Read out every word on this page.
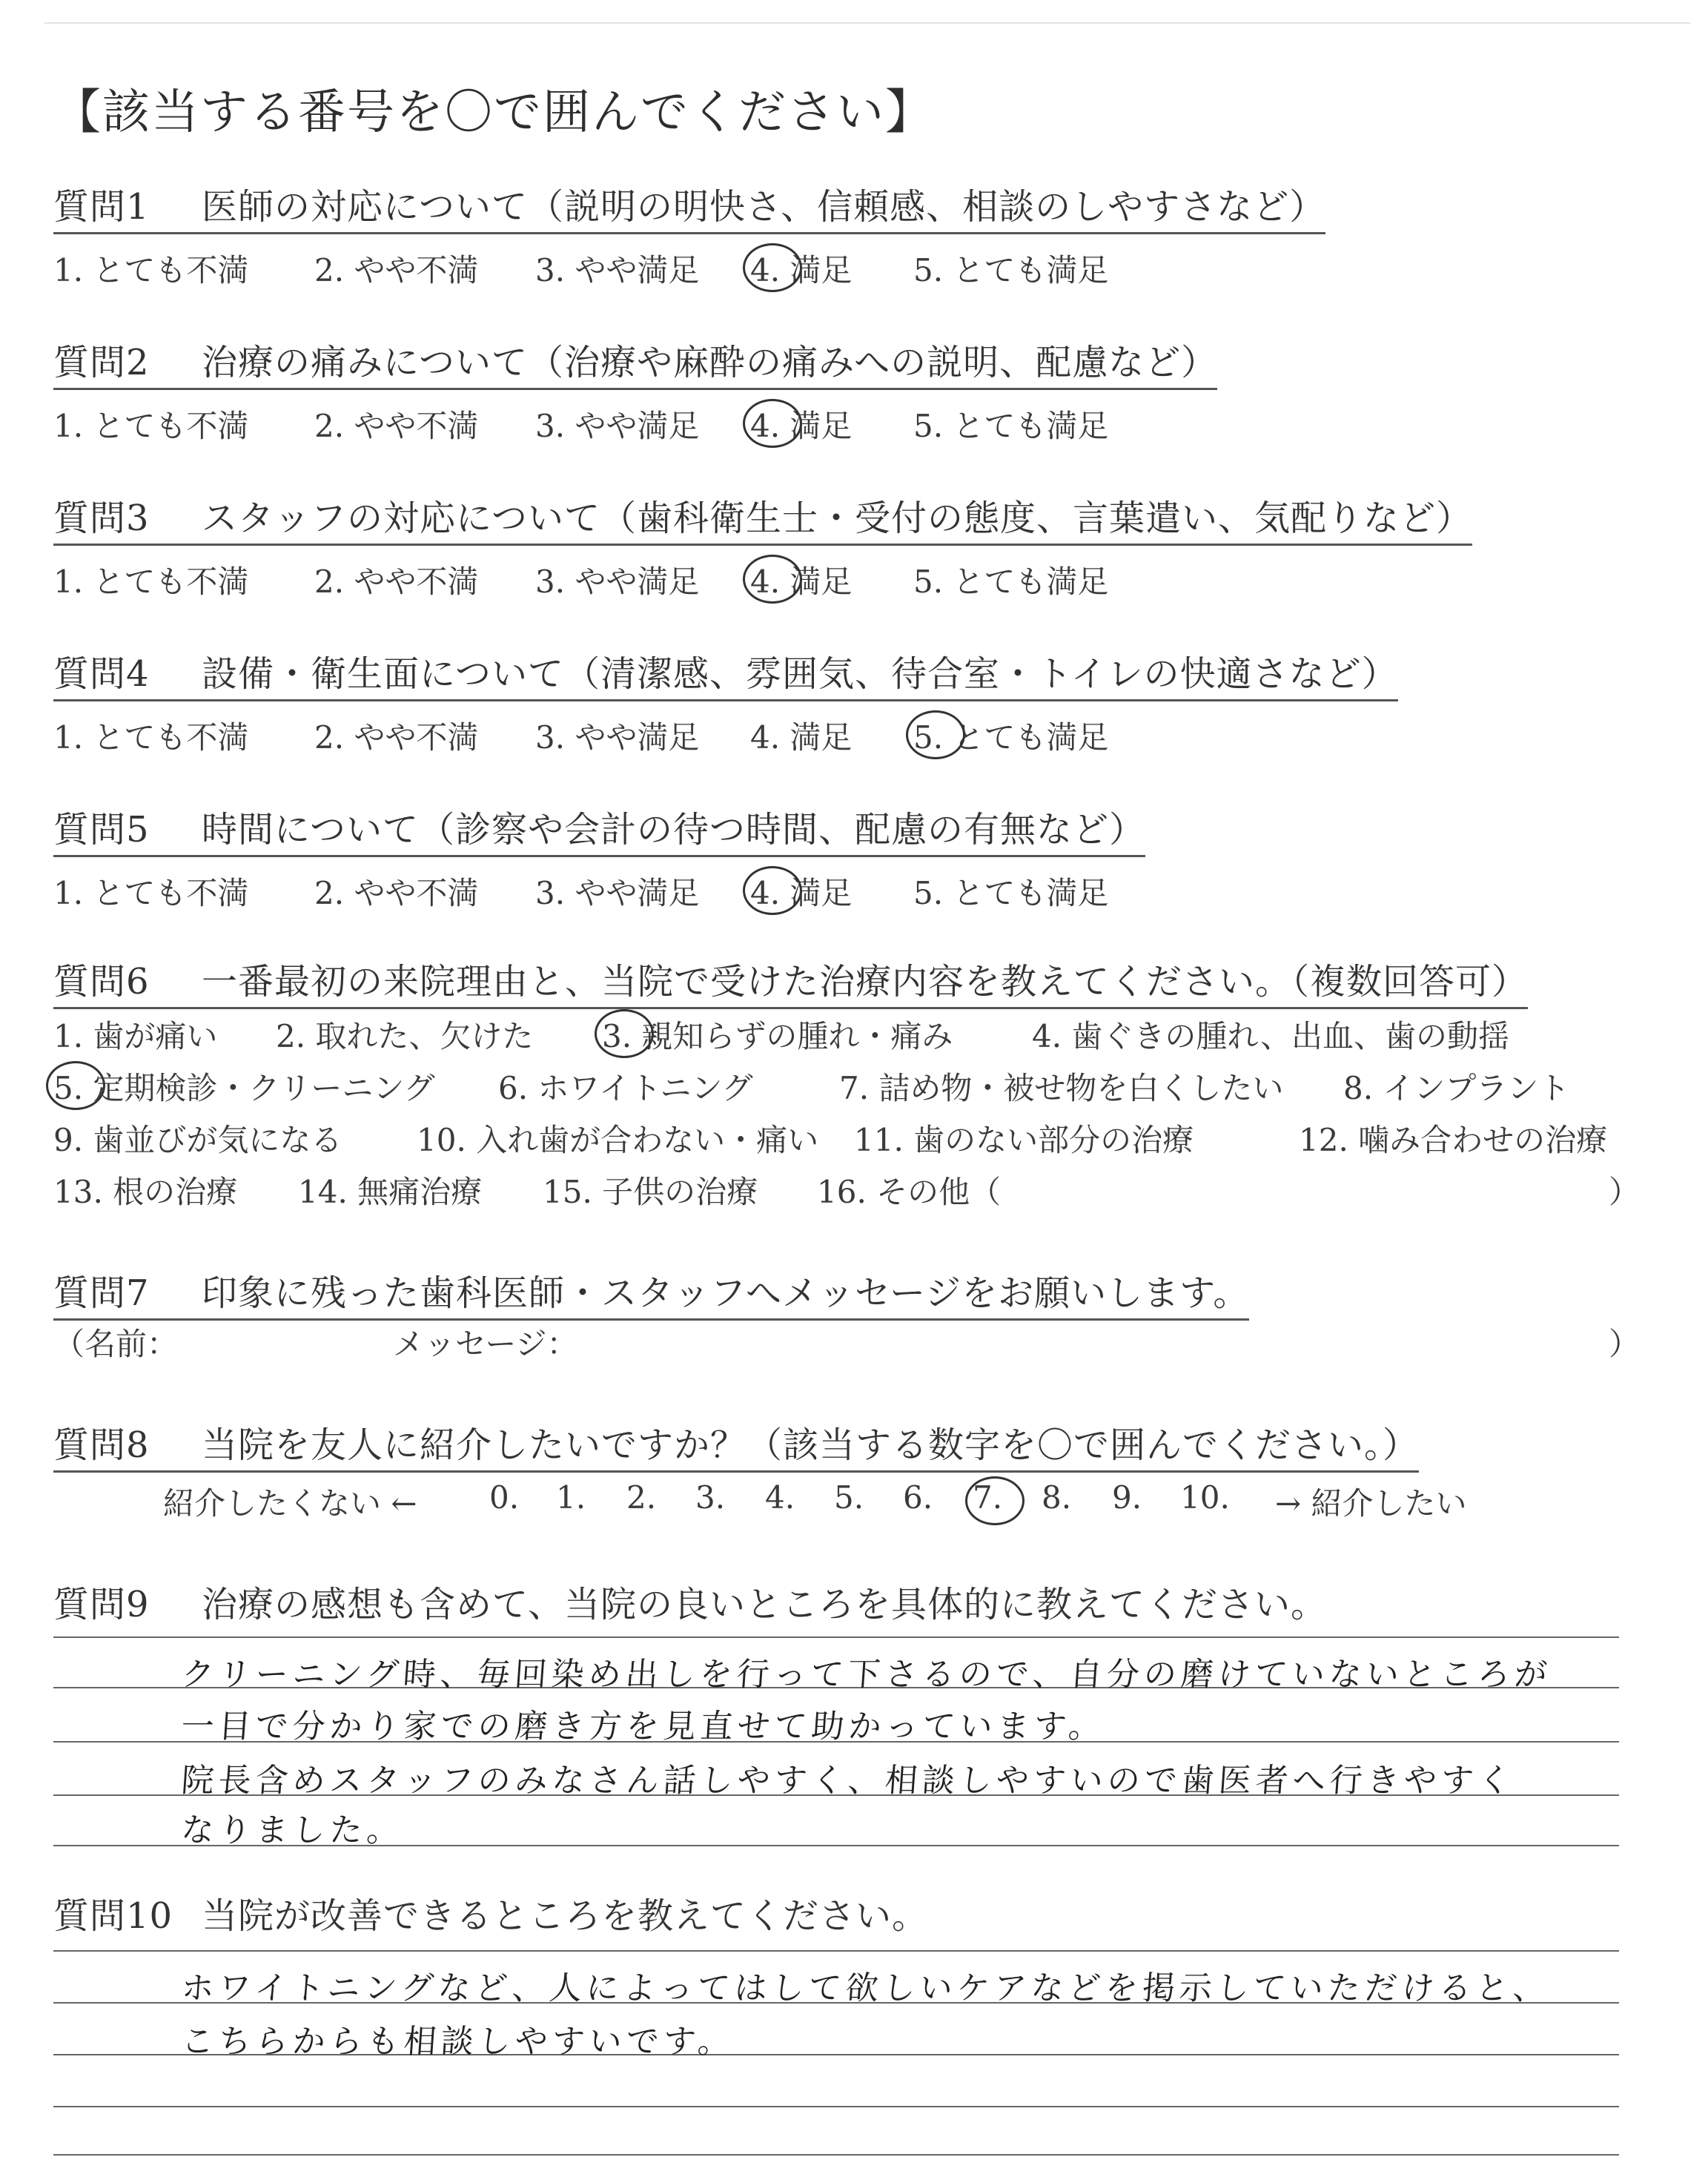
【該当する番号を〇で囲んでください】
質問1 医師の対応について（説明の明快さ、信頼感、相談のしやすさなど）
1. とても不満 2. やや不満 3. やや満足 4. 満足 5. とても満足
質問2 治療の痛みについて（治療や麻酔の痛みへの説明、配慮など）
1. とても不満 2. やや不満 3. やや満足 4. 満足 5. とても満足
質問3 スタッフの対応について（歯科衛生士・受付の態度、言葉遣い、気配りなど）
1. とても不満 2. やや不満 3. やや満足 4. 満足 5. とても満足
質問4 設備・衛生面について（清潔感、雰囲気、待合室・トイレの快適さなど）
1. とても不満 2. やや不満 3. やや満足 4. 満足 5. とても満足
質問5 時間について（診察や会計の待つ時間、配慮の有無など）
1. とても不満 2. やや不満 3. やや満足 4. 満足 5. とても満足
質問6 一番最初の来院理由と、当院で受けた治療内容を教えてください。（複数回答可）
1. 歯が痛い 2. 取れた、欠けた 3. 親知らずの腫れ・痛み	4. 歯ぐきの腫れ、出血、歯の動揺
5. 定期検診・クリーニング 6. ホワイトニング	7. 詰め物・被せ物を白くしたい 8. インプラント
9. 歯並びが気になる 10. 入れ歯が合わない・痛い 11. 歯のない部分の治療	12. 噛み合わせの治療
13. 根の治療 14. 無痛治療 15. 子供の治療 16. その他（	）
質問7 印象に残った歯科医師・スタッフへメッセージをお願いします。
（名前：	メッセージ：	）
質問8 当院を友人に紹介したいですか？（該当する数字を〇で囲んでください。）
紹介したくない ← 0. 1. 2. 3. 4. 5. 6. 7. 8. 9. 10. → 紹介したい
質問9 治療の感想も含めて、当院の良いところを具体的に教えてください。
クリーニング時、毎回染め出しを行って下さるので、自分の磨けていないところが
一目で分かり家での磨き方を見直せて助かっています。
院長含めスタッフのみなさん話しやすく、相談しやすいので歯医者へ行きやすく
なりました。
質問10 当院が改善できるところを教えてください。
ホワイトニングなど、人によってはして欲しいケアなどを掲示していただけると、
こちらからも相談しやすいです。
